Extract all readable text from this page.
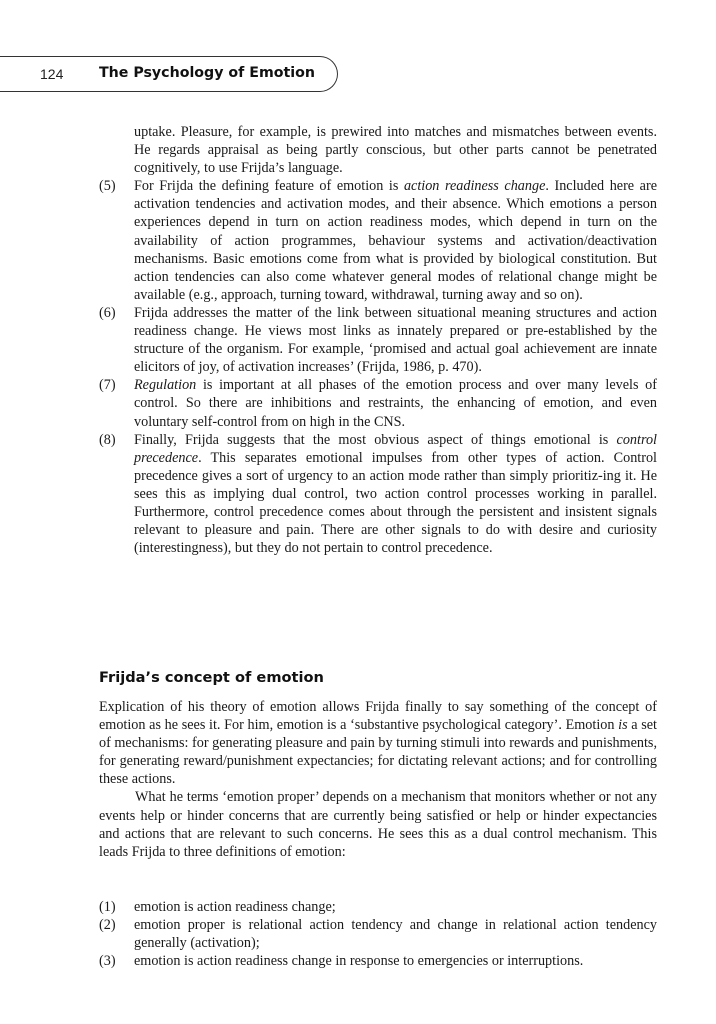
124	The Psychology of Emotion
uptake. Pleasure, for example, is prewired into matches and mismatches between events. He regards appraisal as being partly conscious, but other parts cannot be penetrated cognitively, to use Frijda’s language.
(5) For Frijda the defining feature of emotion is action readiness change. Included here are activation tendencies and activation modes, and their absence. Which emotions a person experiences depend in turn on action readiness modes, which depend in turn on the availability of action programmes, behaviour systems and activation/deactivation mechanisms. Basic emotions come from what is provided by biological constitution. But action tendencies can also come whatever general modes of relational change might be available (e.g., approach, turning toward, withdrawal, turning away and so on).
(6) Frijda addresses the matter of the link between situational meaning structures and action readiness change. He views most links as innately prepared or pre-established by the structure of the organism. For example, ‘promised and actual goal achievement are innate elicitors of joy, of activation increases’ (Frijda, 1986, p. 470).
(7) Regulation is important at all phases of the emotion process and over many levels of control. So there are inhibitions and restraints, the enhancing of emotion, and even voluntary self-control from on high in the CNS.
(8) Finally, Frijda suggests that the most obvious aspect of things emotional is control precedence. This separates emotional impulses from other types of action. Control precedence gives a sort of urgency to an action mode rather than simply prioritiz-ing it. He sees this as implying dual control, two action control processes working in parallel. Furthermore, control precedence comes about through the persistent and insistent signals relevant to pleasure and pain. There are other signals to do with desire and curiosity (interestingness), but they do not pertain to control precedence.
Frijda’s concept of emotion

Explication of his theory of emotion allows Frijda finally to say something of the concept of emotion as he sees it. For him, emotion is a ‘substantive psychological category’. Emotion is a set of mechanisms: for generating pleasure and pain by turning stimuli into rewards and punishments, for generating reward/punishment expectancies; for dictating relevant actions; and for controlling these actions.

What he terms ‘emotion proper’ depends on a mechanism that monitors whether or not any events help or hinder concerns that are currently being satisfied or help or hinder expectancies and actions that are relevant to such concerns. He sees this as a dual control mechanism. This leads Frijda to three definitions of emotion:

(1) emotion is action readiness change;
(2) emotion proper is relational action tendency and change in relational action tendency generally (activation);
(3) emotion is action readiness change in response to emergencies or interruptions.
